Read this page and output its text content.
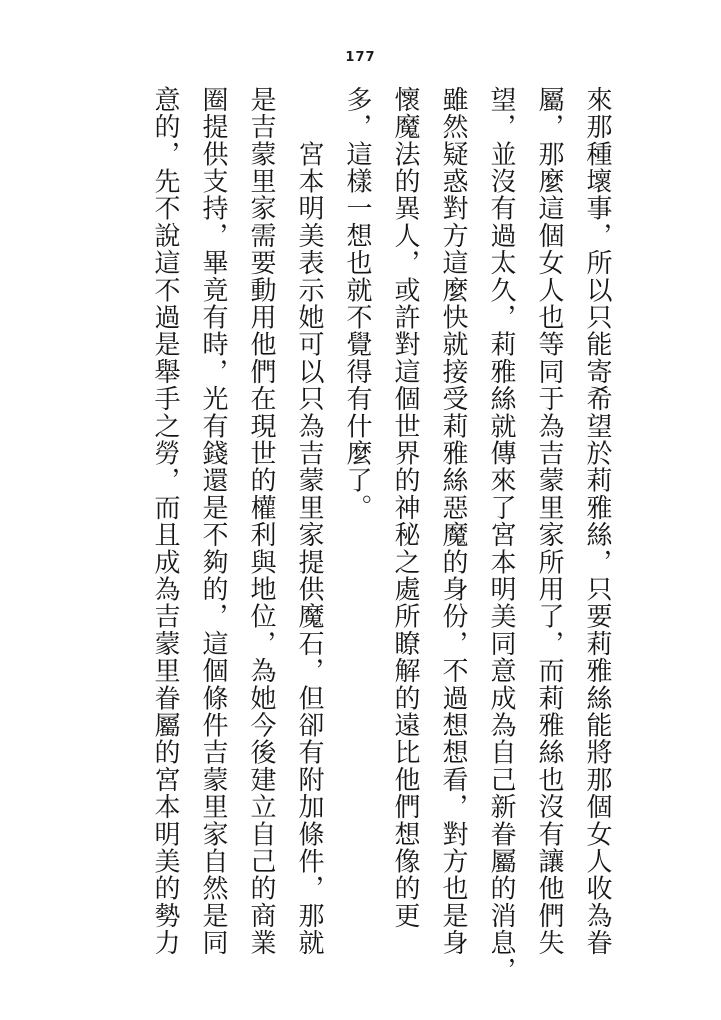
177
來那種壞事，所以只能寄希望於莉雅絲，只要莉雅絲能將那個女人收為眷
屬，那麼這個女人也等同于為吉蒙里家所用了，而莉雅絲也沒有讓他們失
望，並沒有過太久，莉雅絲就傳來了宮本明美同意成為自己新眷屬的消息，
雖然疑惑對方這麼快就接受莉雅絲惡魔的身份，不過想想看，對方也是身
懷魔法的異人，或許對這個世界的神秘之處所瞭解的遠比他們想像的更
多，這樣一想也就不覺得有什麼了。
　　宮本明美表示她可以只為吉蒙里家提供魔石，但卻有附加條件，那就
是吉蒙里家需要動用他們在現世的權利與地位，為她今後建立自己的商業
圈提供支持，畢竟有時，光有錢還是不夠的，這個條件吉蒙里家自然是同
意的，先不說這不過是舉手之勞，而且成為吉蒙里眷屬的宮本明美的勢力
